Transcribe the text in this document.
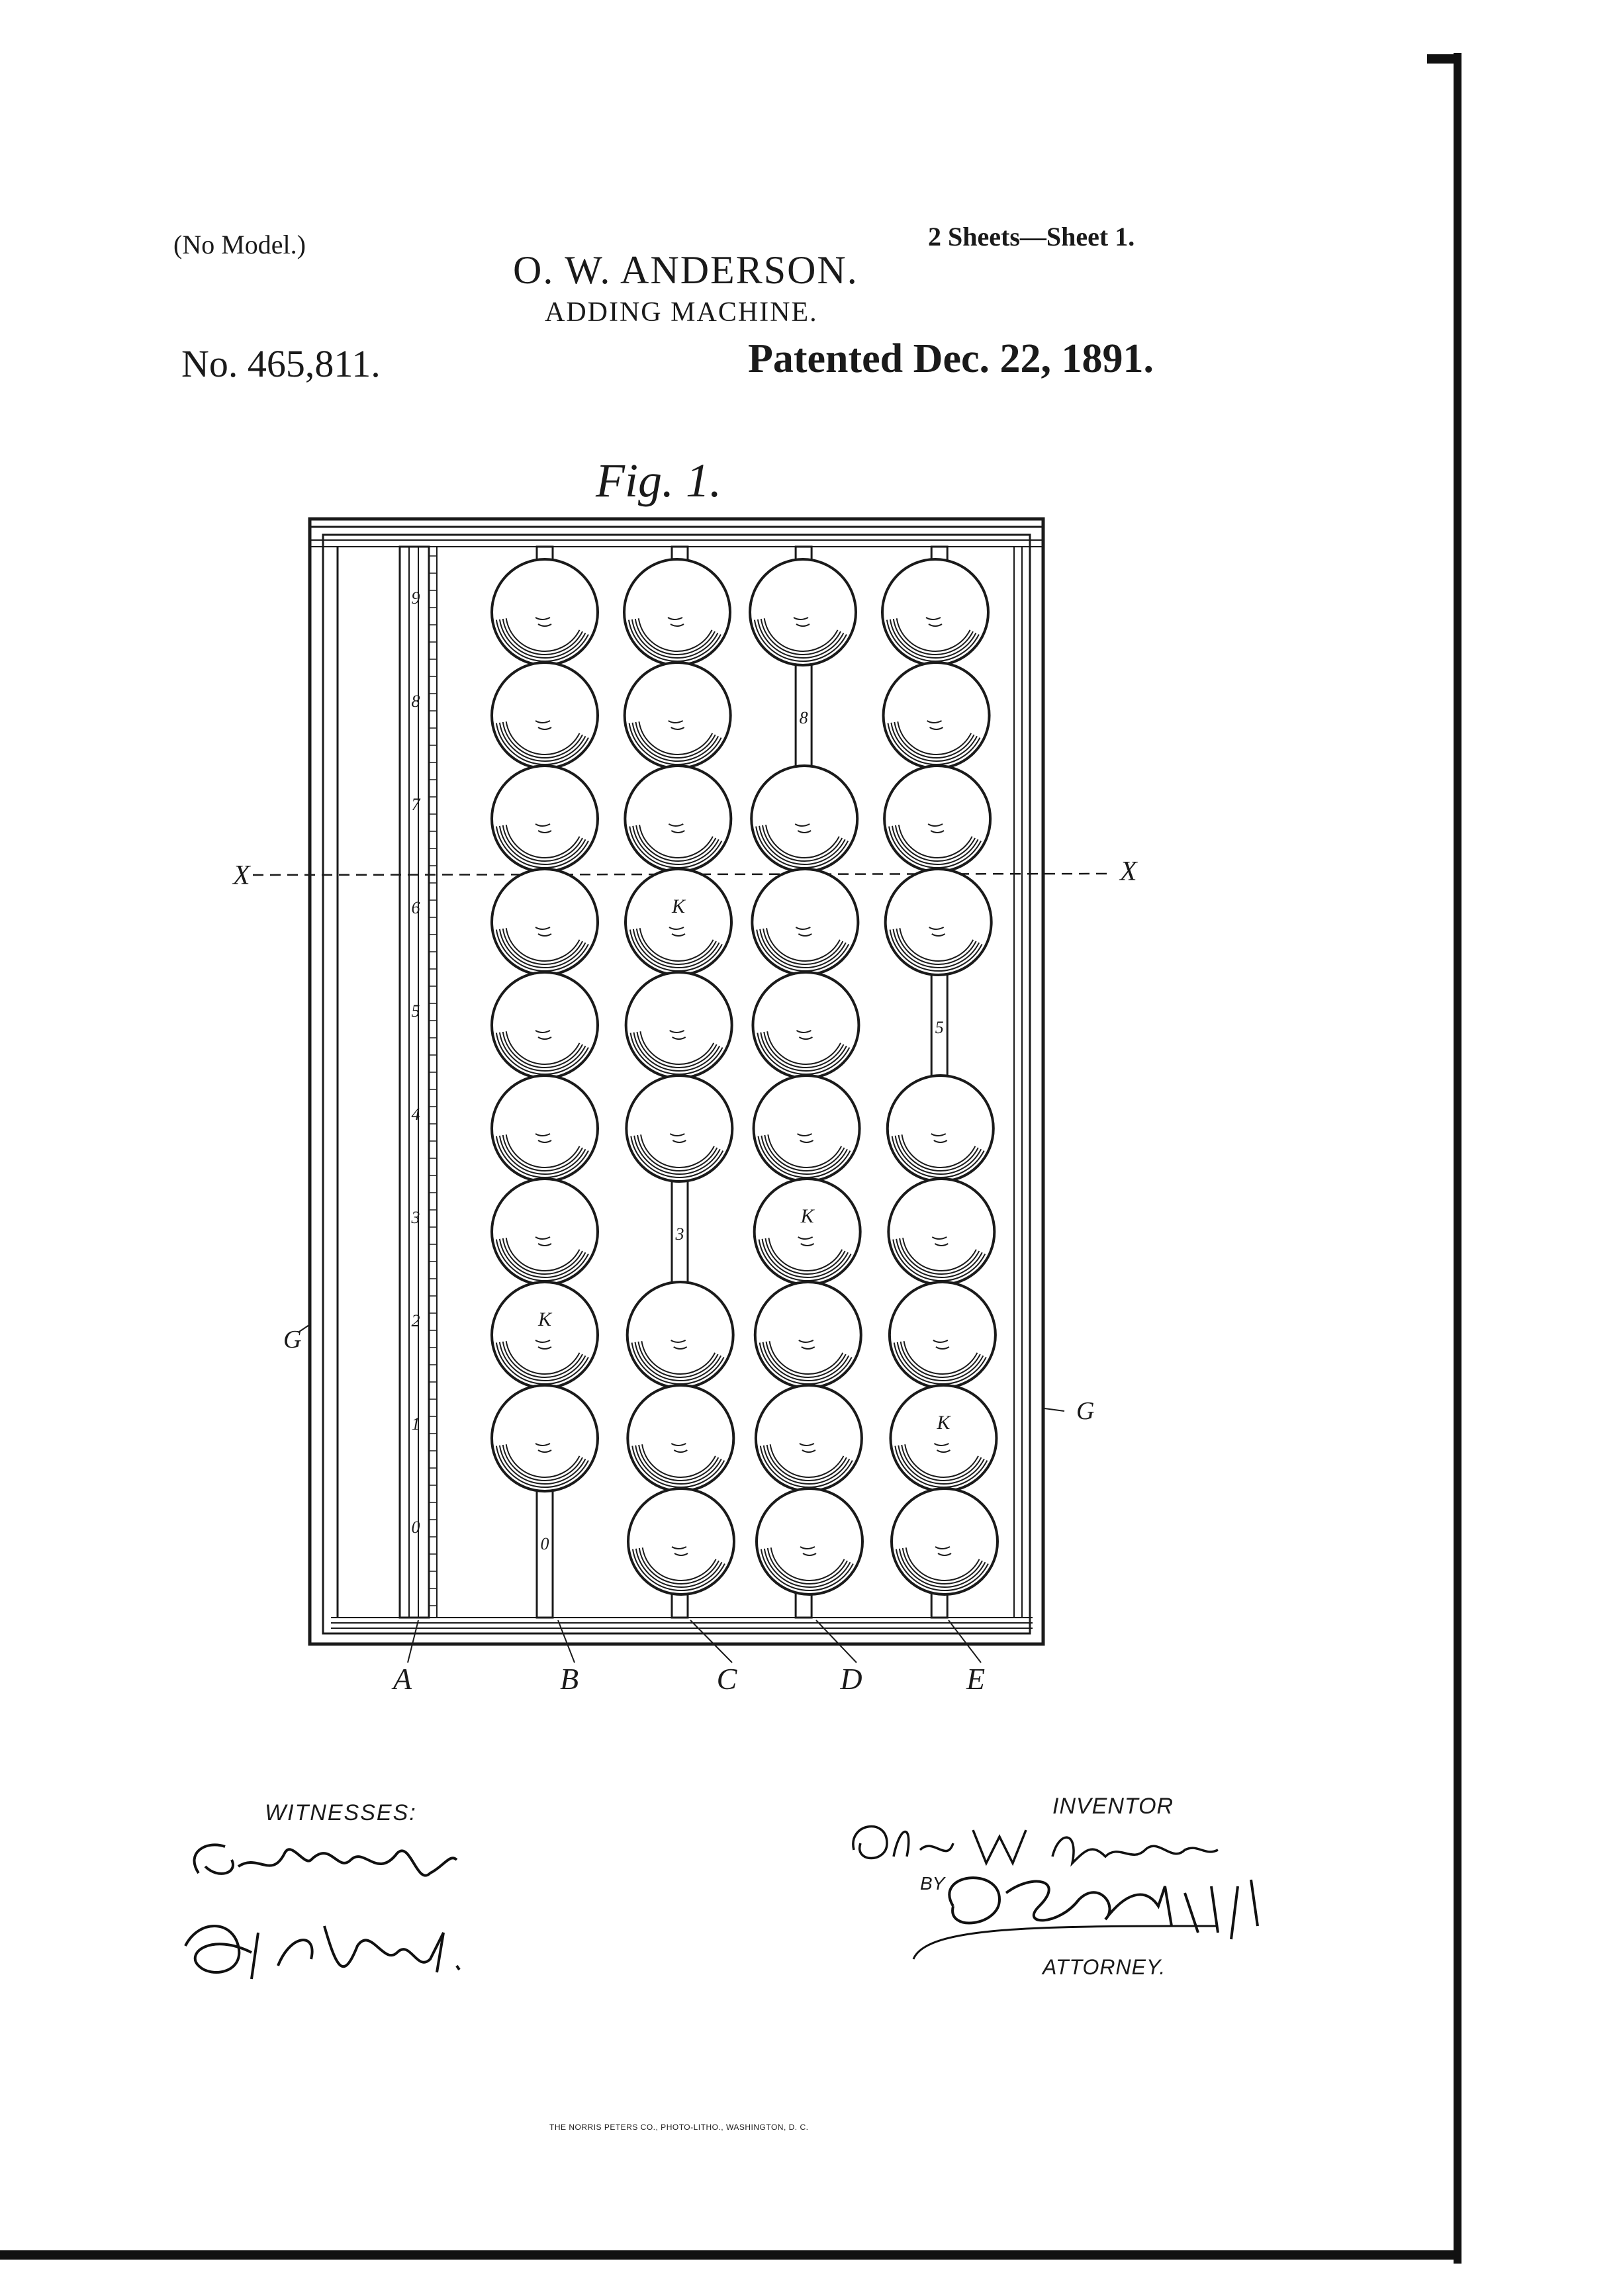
(No Model.)
O. W. ANDERSON.
2 Sheets—Sheet 1.
ADDING MACHINE.
No. 465,811.	Patented Dec. 22, 1891.
Fig. 1.
9
8
7
6
5
4
3
2
1
0
0
K
3
K
8
K
5
K
X	X
G
G
A	B	C	D	E
WITNESSES:	INVENTOR
BY
ATTORNEY.
THE NORRIS PETERS CO., PHOTO-LITHO., WASHINGTON, D. C.
